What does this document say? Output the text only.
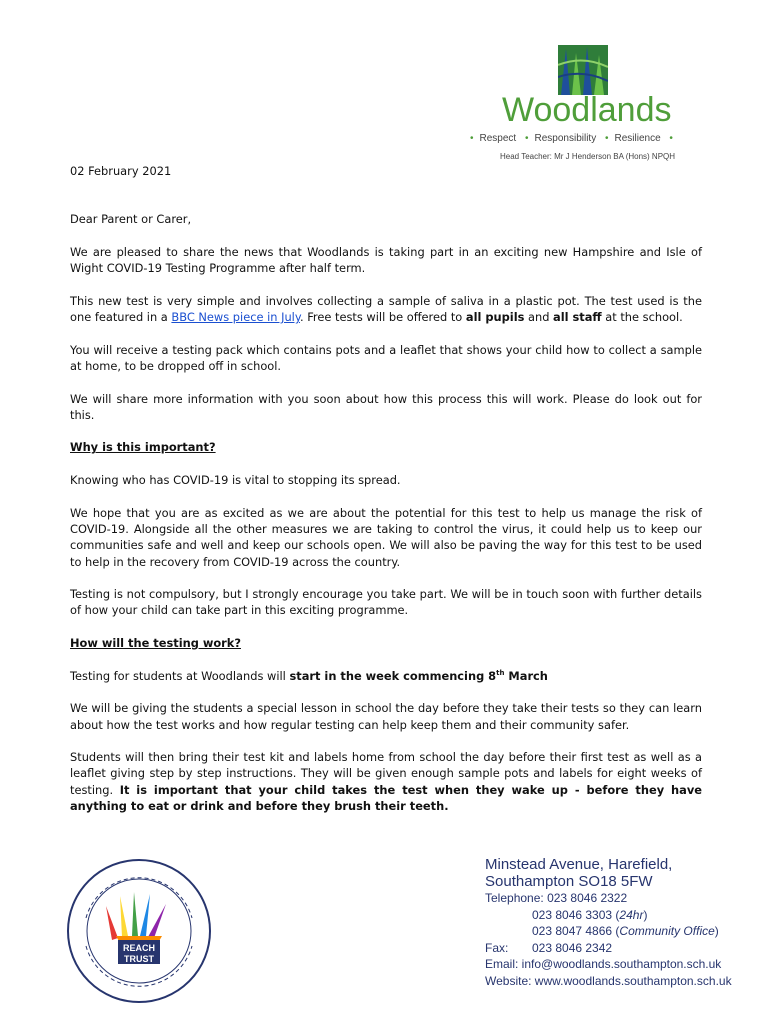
Woodlands
• Respect • Responsibility • Resilience •
Head Teacher: Mr J Henderson BA (Hons) NPQH

02 February 2021

Dear Parent or Carer,

We are pleased to share the news that Woodlands is taking part in an exciting new Hampshire and Isle of Wight COVID-19 Testing Programme after half term.

This new test is very simple and involves collecting a sample of saliva in a plastic pot. The test used is the one featured in a BBC News piece in July. Free tests will be offered to all pupils and all staff at the school.

You will receive a testing pack which contains pots and a leaflet that shows your child how to collect a sample at home, to be dropped off in school.

We will share more information with you soon about how this process this will work. Please do look out for this.

Why is this important?

Knowing who has COVID-19 is vital to stopping its spread.

We hope that you are as excited as we are about the potential for this test to help us manage the risk of COVID-19. Alongside all the other measures we are taking to control the virus, it could help us to keep our communities safe and well and keep our schools open. We will also be paving the way for this test to be used to help in the recovery from COVID-19 across the country.

Testing is not compulsory, but I strongly encourage you take part. We will be in touch soon with further details of how your child can take part in this exciting programme.

How will the testing work?

Testing for students at Woodlands will start in the week commencing 8th March

We will be giving the students a special lesson in school the day before they take their tests so they can learn about how the test works and how regular testing can help keep them and their community safer.

Students will then bring their test kit and labels home from school the day before their first test as well as a leaflet giving step by step instructions. They will be given enough sample pots and labels for eight weeks of testing. It is important that your child takes the test when they wake up - before they have anything to eat or drink and before they brush their teeth.

REACH
TRUST
Minstead Avenue, Harefield,
Southampton SO18 5FW
Telephone: 023 8046 2322
023 8046 3303 (24hr)
023 8047 4866 (Community Office)
Fax:	023 8046 2342
Email: info@woodlands.southampton.sch.uk
Website: www.woodlands.southampton.sch.uk
